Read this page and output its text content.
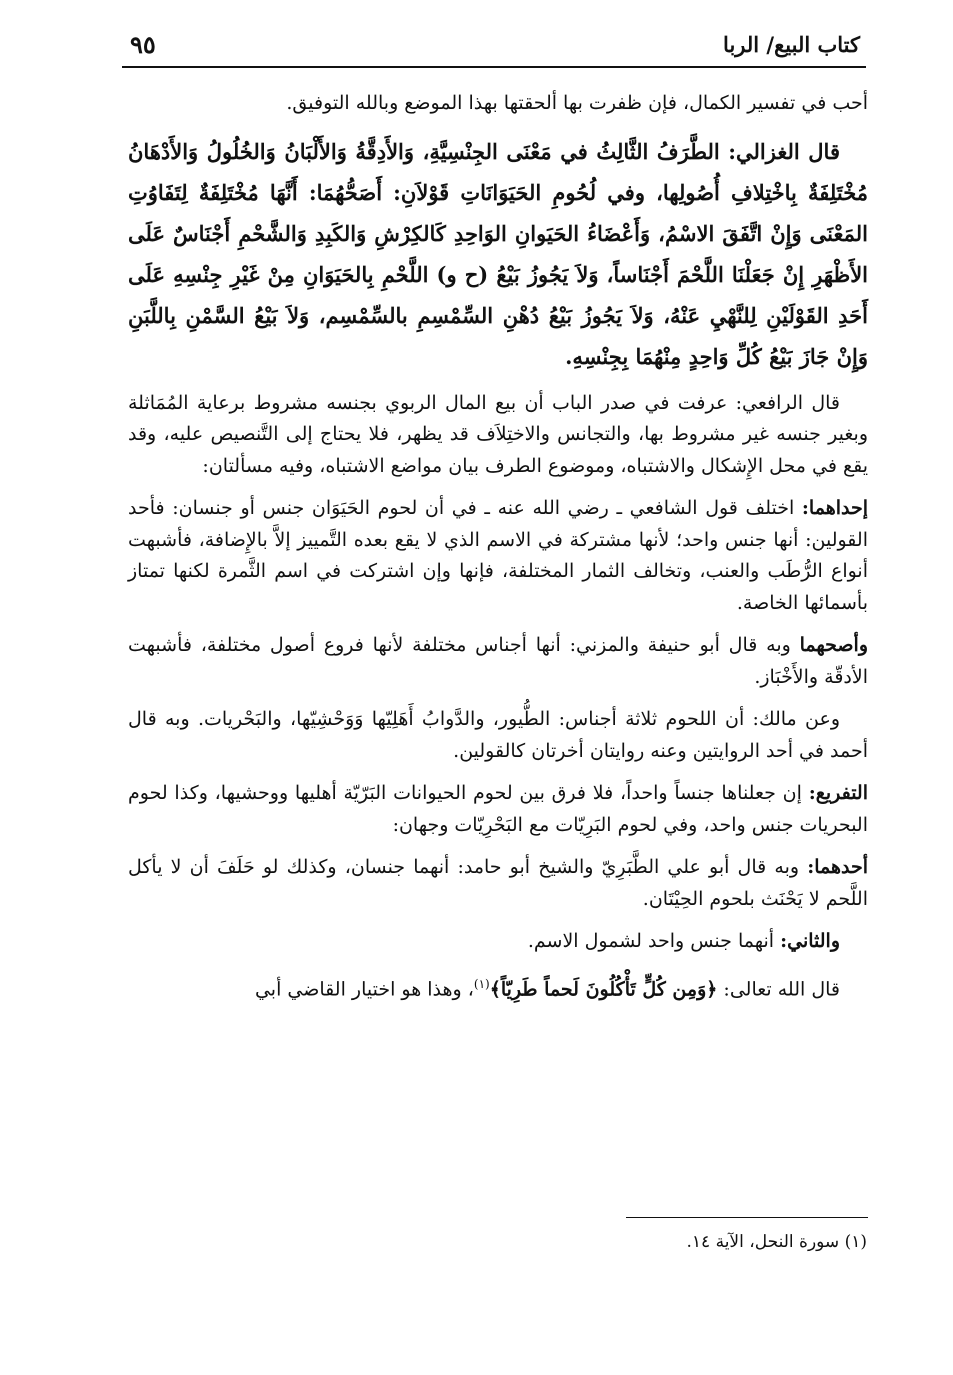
كتاب البيع/ الربا
٩٥

أحب في تفسير الكمال، فإن ظفرت بها ألحقتها بهذا الموضع وبالله التوفيق.

قال الغزالي: الطَّرَفُ الثَّالِثُ في مَعْنَى الجِنْسِيَّةِ، وَالأَدِقَّةُ وَالأَلْبَانُ وَالخُلُولُ وَالأَدْهَانُ مُخْتَلِفَةٌ بِاخْتِلافِ أُصُولِها، وفي لُحُومِ الحَيَوَانَاتِ قَوْلاَنِ: أَصَحُّهُمَا: أَنَّهَا مُخْتَلِفَةٌ لِتَفَاوُتِ المَعْنَى وَإِنْ اتَّفَقَ الاسْمُ، وَأَعْضَاءُ الحَيَوانِ الوَاحِدِ كَالكِرْشِ وَالكَبِدِ وَالشَّحْمِ أَجْنَاسٌ عَلَى الأَظْهَرِ إِنْ جَعَلْنَا اللَّحْمَ أَجْنَاساً، وَلاَ يَجُوزُ بَيْعُ (ح و) اللَّحْمِ بِالحَيَوَانِ مِنْ غَيْرِ جِنْسِهِ عَلَى أَحَدِ القَوْلَيْنِ لِلنَّهْيِ عَنْهُ، وَلاَ يَجُوزُ بَيْعُ دُهْنِ السِّمْسِمِ بالسِّمْسِم، وَلاَ بَيْعُ السَّمْنِ بِاللَّبَنِ وَإِنْ جَازَ بَيْعُ كُلِّ وَاحِدٍ مِنْهُمَا بِجِنْسِهِ.

قال الرافعي: عرفت في صدر الباب أن بيع المال الربوي بجنسه مشروط برعاية المُمَاثلة وبغير جنسه غير مشروط بها، والتجانس والاختِلاَف قد يظهر، فلا يحتاج إلى التَّنصيص عليه، وقد يقع في محل الإِشكال والاشتباه، وموضوع الطرف بيان مواضع الاشتباه، وفيه مسألتان:

إحداهما: اختلف قول الشافعي ـ رضي الله عنه ـ في أن لحوم الحَيَوَان جنس أو جنسان: فأحد القولين: أنها جنس واحد؛ لأنها مشتركة في الاسم الذي لا يقع بعده التَّمييز إلاَّ بالإِضافة، فأشبهت أنواع الرُّطَب والعنب، وتخالف الثمار المختلفة، فإنها وإن اشتركت في اسم الثَّمرة لكنها تمتاز بأسمائها الخاصة.

وأصحهما وبه قال أبو حنيفة والمزني: أنها أجناس مختلفة لأنها فروع أصول مختلفة، فأشبهت الأدقّة والأَخْبَاز.

وعن مالك: أن اللحوم ثلاثة أجناس: الطُّيور، والدَّوابُ أَهَلِيّها وَوَحْشِيّها، والبَحْريات. وبه قال أحمد في أحد الروايتين وعنه روايتان أخرتان كالقولين.

التفريع: إن جعلناها جنساً واحداً، فلا فرق بين لحوم الحيوانات البَرّيّة أهليها ووحشيها، وكذا لحوم البحريات جنس واحد، وفي لحوم البَرِيّات مع البَحْرِيّات وجهان:

أحدهما: وبه قال أبو علي الطَّبَرِيّ والشيخ أبو حامد: أنهما جنسان، وكذلك لو حَلَفَ أن لا يأكل اللَّحم لا يَحْنَث بلحوم الحِيْتَان.

والثاني: أنهما جنس واحد لشمول الاسم.

قال الله تعالى: ﴿وَمِن كُلٍّ تَأْكُلُونَ لَحماً طَرِيّاً﴾$^{(١)}$، وهذا هو اختيار القاضي أبي

(١) سورة النحل، الآية ١٤.
